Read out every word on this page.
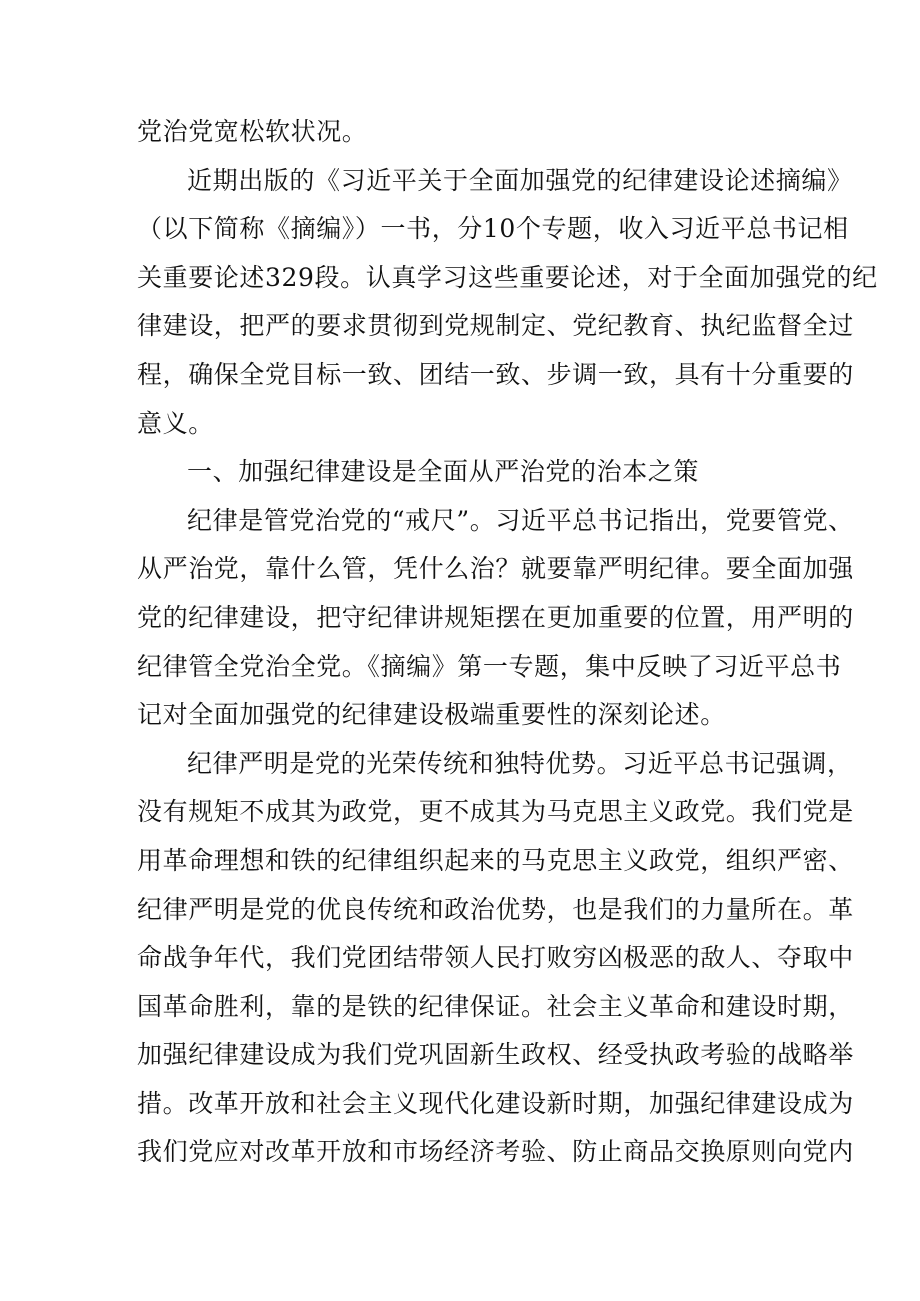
党治党宽松软状况。
近期出版的《习近平关于全面加强党的纪律建设论述摘编》
（以下简称《摘编》）一书，分10个专题，收入习近平总书记相
关重要论述329段。认真学习这些重要论述，对于全面加强党的纪
律建设，把严的要求贯彻到党规制定、党纪教育、执纪监督全过
程，确保全党目标一致、团结一致、步调一致，具有十分重要的
意义。
一、加强纪律建设是全面从严治党的治本之策
纪律是管党治党的“戒尺”。习近平总书记指出，党要管党、
从严治党，靠什么管，凭什么治？就要靠严明纪律。要全面加强
党的纪律建设，把守纪律讲规矩摆在更加重要的位置，用严明的
纪律管全党治全党。《摘编》第一专题，集中反映了习近平总书
记对全面加强党的纪律建设极端重要性的深刻论述。
纪律严明是党的光荣传统和独特优势。习近平总书记强调，
没有规矩不成其为政党，更不成其为马克思主义政党。我们党是
用革命理想和铁的纪律组织起来的马克思主义政党，组织严密、
纪律严明是党的优良传统和政治优势，也是我们的力量所在。革
命战争年代，我们党团结带领人民打败穷凶极恶的敌人、夺取中
国革命胜利，靠的是铁的纪律保证。社会主义革命和建设时期，
加强纪律建设成为我们党巩固新生政权、经受执政考验的战略举
措。改革开放和社会主义现代化建设新时期，加强纪律建设成为
我们党应对改革开放和市场经济考验、防止商品交换原则向党内
